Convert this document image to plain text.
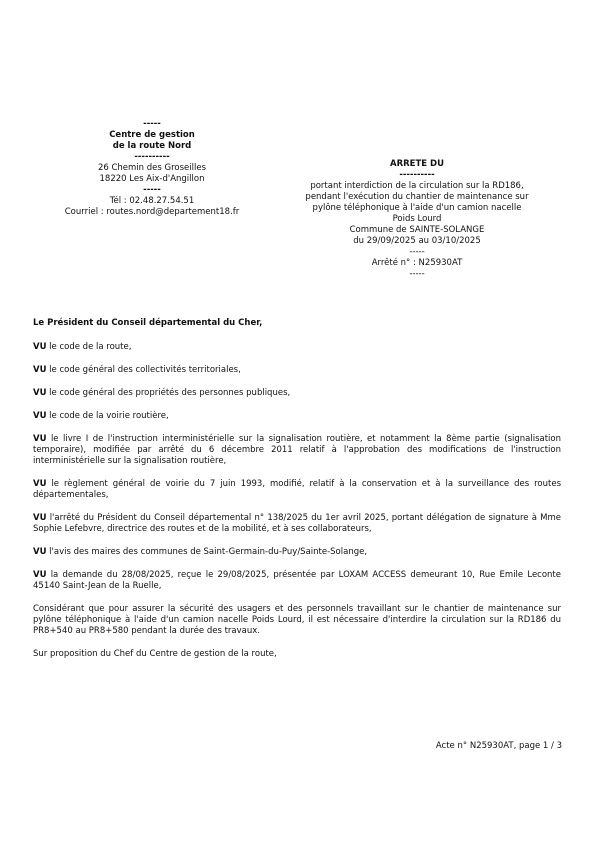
-----
Centre de gestion
de la route Nord
----------
26 Chemin des Groseilles
18220 Les Aix-d'Angillon
-----
Tél : 02.48.27.54.51
Courriel : routes.nord@departement18.fr
ARRETE DU
----------
portant interdiction de la circulation sur la RD186,
pendant l'exécution du chantier de maintenance sur
pylône téléphonique à l'aide d'un camion nacelle
Poids Lourd
Commune de SAINTE-SOLANGE
du 29/09/2025 au 03/10/2025
-----
Arrêté n° : N25930AT
-----

Le Président du Conseil départemental du Cher,

VU le code de la route,

VU le code général des collectivités territoriales,

VU le code général des propriétés des personnes publiques,

VU le code de la voirie routière,

VU le livre I de l'instruction interministérielle sur la signalisation routière, et notamment la 8ème partie (signalisation temporaire), modifiée par arrêté du 6 décembre 2011 relatif à l'approbation des modifications de l'instruction interministérielle sur la signalisation routière,

VU le règlement général de voirie du 7 juin 1993, modifié, relatif à la conservation et à la surveillance des routes départementales,

VU l'arrêté du Président du Conseil départemental n° 138/2025 du 1er avril 2025, portant délégation de signature à Mme Sophie Lefebvre, directrice des routes et de la mobilité, et à ses collaborateurs,

VU l'avis des maires des communes de Saint-Germain-du-Puy/Sainte-Solange,

VU la demande du 28/08/2025, reçue le 29/08/2025, présentée par LOXAM ACCESS demeurant 10, Rue Emile Leconte 45140 Saint-Jean de la Ruelle,

Considérant que pour assurer la sécurité des usagers et des personnels travaillant sur le chantier de maintenance sur pylône téléphonique à l'aide d'un camion nacelle Poids Lourd, il est nécessaire d'interdire la circulation sur la RD186 du PR8+540 au PR8+580 pendant la durée des travaux.

Sur proposition du Chef du Centre de gestion de la route,

Acte n° N25930AT, page 1 / 3
